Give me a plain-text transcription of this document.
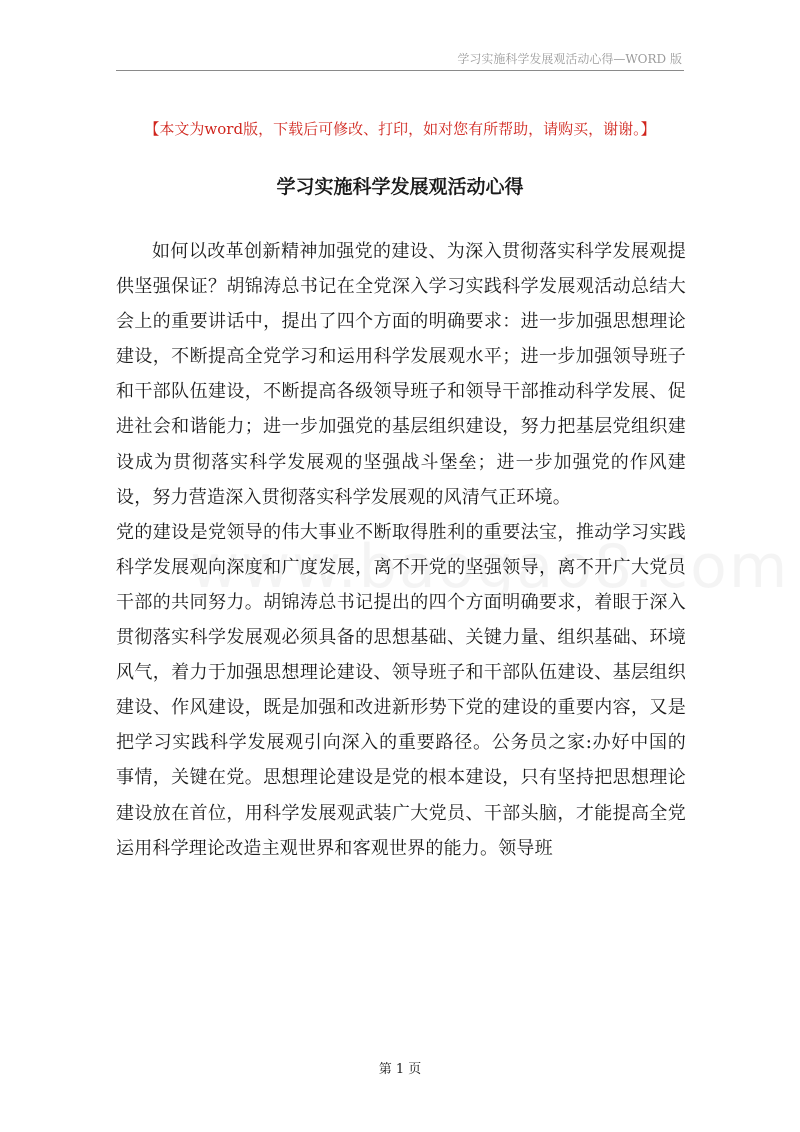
学习实施科学发展观活动心得—WORD 版
【本文为word版，下载后可修改、打印，如对您有所帮助，请购买，谢谢。】
学习实施科学发展观活动心得

如何以改革创新精神加强党的建设、为深入贯彻落实科学发展观提供坚强保证？胡锦涛总书记在全党深入学习实践科学发展观活动总结大会上的重要讲话中，提出了四个方面的明确要求：进一步加强思想理论建设，不断提高全党学习和运用科学发展观水平；进一步加强领导班子和干部队伍建设，不断提高各级领导班子和领导干部推动科学发展、促进社会和谐能力；进一步加强党的基层组织建设，努力把基层党组织建设成为贯彻落实科学发展观的坚强战斗堡垒；进一步加强党的作风建设，努力营造深入贯彻落实科学发展观的风清气正环境。

党的建设是党领导的伟大事业不断取得胜利的重要法宝，推动学习实践科学发展观向深度和广度发展，离不开党的坚强领导，离不开广大党员干部的共同努力。胡锦涛总书记提出的四个方面明确要求，着眼于深入贯彻落实科学发展观必须具备的思想基础、关键力量、组织基础、环境风气，着力于加强思想理论建设、领导班子和干部队伍建设、基层组织建设、作风建设，既是加强和改进新形势下党的建设的重要内容，又是把学习实践科学发展观引向深入的重要路径。公务员之家:办好中国的事情，关键在党。思想理论建设是党的根本建设，只有坚持把思想理论建设放在首位，用科学发展观武装广大党员、干部头脑，才能提高全党运用科学理论改造主观世界和客观世界的能力。领导班

第 1 页
